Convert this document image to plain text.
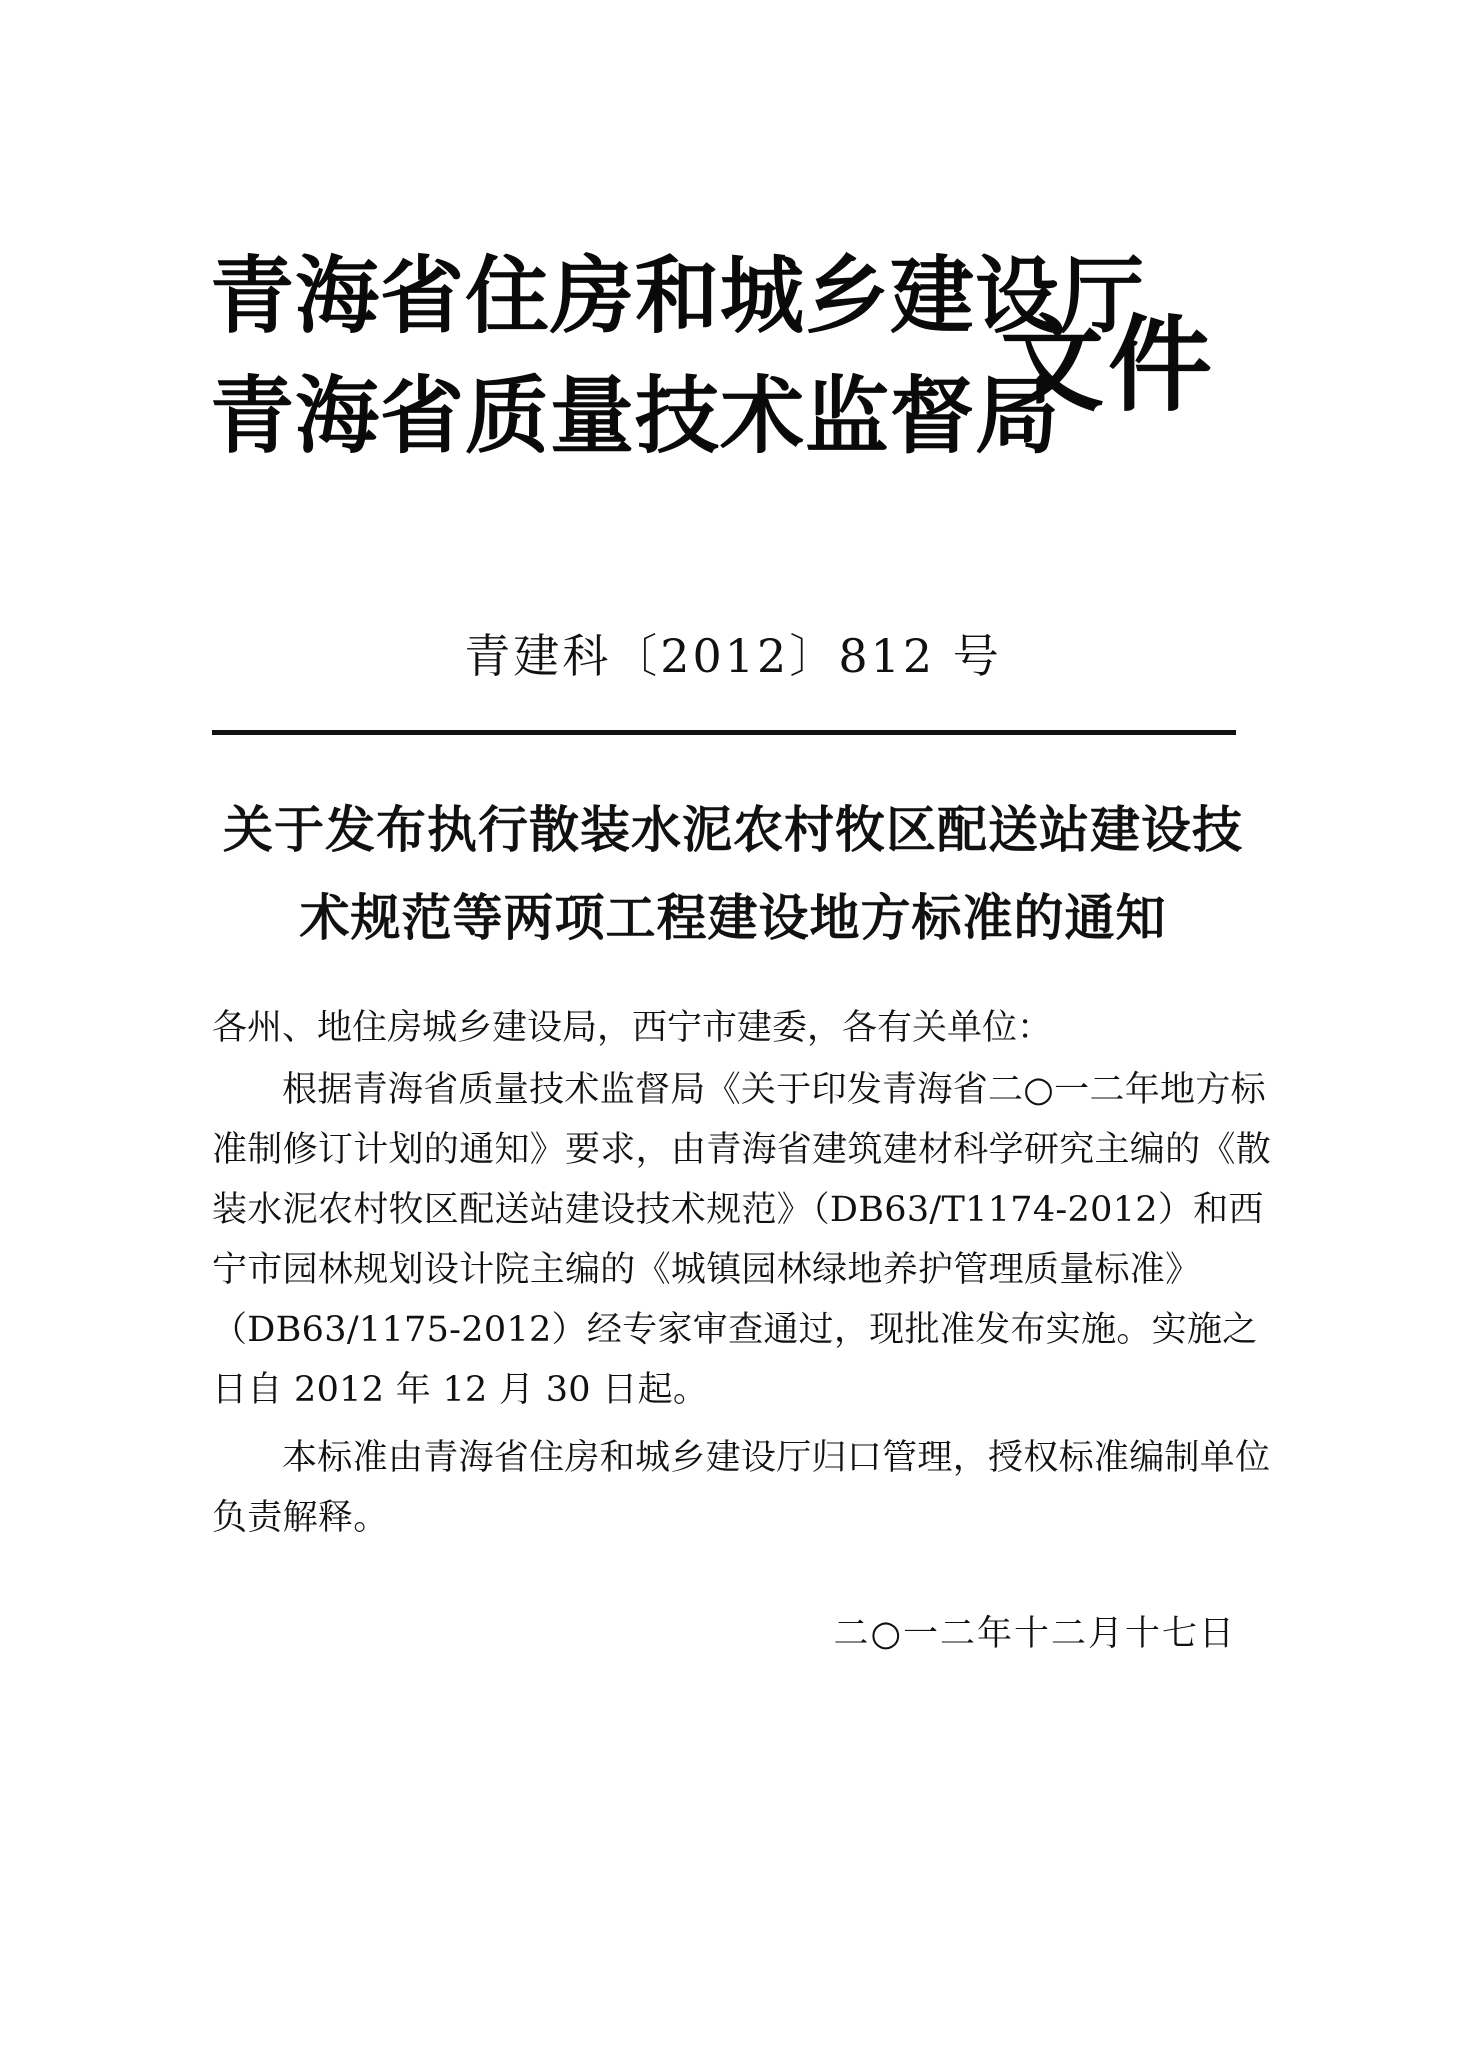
青海省住房和城乡建设厅
青海省质量技术监督局
文件
青建科〔2012〕812 号
关于发布执行散装水泥农村牧区配送站建设技
术规范等两项工程建设地方标准的通知

各州、地住房城乡建设局，西宁市建委，各有关单位：

根据青海省质量技术监督局《关于印发青海省二○一二年地方标准制修订计划的通知》要求，由青海省建筑建材科学研究主编的《散装水泥农村牧区配送站建设技术规范》（DB63/T1174-2012）和西宁市园林规划设计院主编的《城镇园林绿地养护管理质量标准》（DB63/1175-2012）经专家审查通过，现批准发布实施。实施之日自 2012 年 12 月 30 日起。

本标准由青海省住房和城乡建设厅归口管理，授权标准编制单位负责解释。

二○一二年十二月十七日
